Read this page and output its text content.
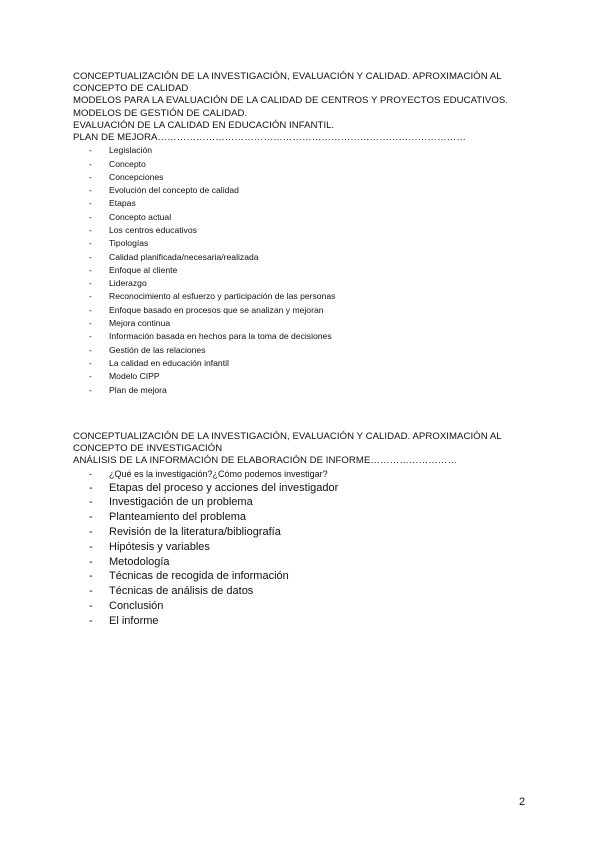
CONCEPTUALIZACIÓN DE LA INVESTIGACIÓN, EVALUACIÓN Y CALIDAD. APROXIMACIÓN AL CONCEPTO DE CALIDAD

MODELOS PARA LA EVALUACIÓN DE LA CALIDAD DE CENTROS Y PROYECTOS EDUCATIVOS.

MODELOS DE GESTIÓN DE CALIDAD.

EVALUACIÓN DE LA CALIDAD EN EDUCACIÓN INFANTIL.

PLAN DE MEJORA……………………………………………………………………………………

- Legislación
- Concepto
- Concepciones
- Evolución del concepto de calidad
- Etapas
- Concepto actual
- Los centros educativos
- Tipologías
- Calidad planificada/necesaria/realizada
- Enfoque al cliente
- Liderazgo
- Reconocimiento al esfuerzo y participación de las personas
- Enfoque basado en procesos que se analizan y mejoran
- Mejora continua
- Información basada en hechos para la toma de decisiones
- Gestión de las relaciones
- La calidad en educación infantil
- Modelo CIPP
- Plan de mejora

CONCEPTUALIZACIÓN DE LA INVESTIGACIÓN, EVALUACIÓN Y CALIDAD. APROXIMACIÓN AL CONCEPTO DE INVESTIGACIÓN

ANÁLISIS DE LA INFORMACIÓN DE ELABORACIÓN DE INFORME………………………

- ¿Qué es la investigación?¿Cómo podemos investigar?
- Etapas del proceso y acciones del investigador
- Investigación de un problema
- Planteamiento del problema
- Revisión de la literatura/bibliografía
- Hipótesis y variables
- Metodología
- Técnicas de recogida de información
- Técnicas de análisis de datos
- Conclusión
- El informe
2
